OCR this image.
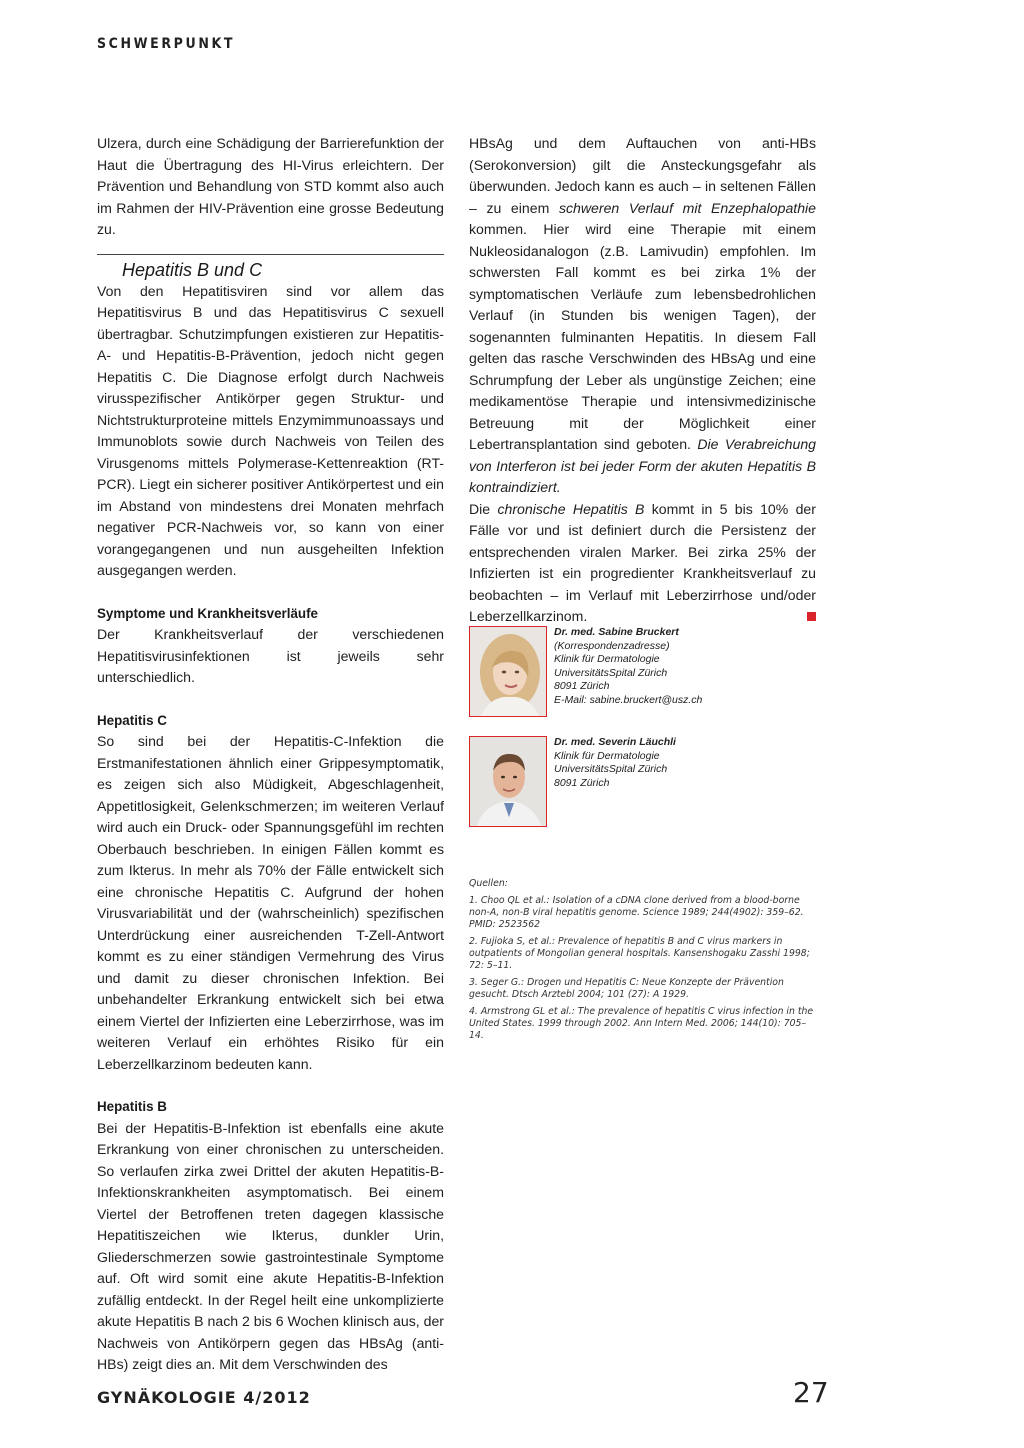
SCHWERPUNKT

Ulzera, durch eine Schädigung der Barrierefunktion der Haut die Übertragung des HI-Virus erleichtern. Der Prävention und Behandlung von STD kommt also auch im Rahmen der HIV-Prävention eine grosse Bedeutung zu.

Hepatitis B und C

Von den Hepatitisviren sind vor allem das Hepatitisvirus B und das Hepatitisvirus C sexuell übertragbar. Schutzimpfungen existieren zur Hepatitis-A- und Hepatitis-B-Prävention, jedoch nicht gegen Hepatitis C. Die Diagnose erfolgt durch Nachweis virusspezifischer Antikörper gegen Struktur- und Nichtstrukturproteine mittels Enzymimmunoassays und Immunoblots sowie durch Nachweis von Teilen des Virusgenoms mittels Polymerase-Kettenreaktion (RT-PCR). Liegt ein sicherer positiver Antikörpertest und ein im Abstand von mindestens drei Monaten mehrfach negativer PCR-Nachweis vor, so kann von einer vorangegangenen und nun ausgeheilten Infektion ausgegangen werden.

Symptome und Krankheitsverläufe

Der Krankheitsverlauf der verschiedenen Hepatitisvirusinfektionen ist jeweils sehr unterschiedlich.

Hepatitis C

So sind bei der Hepatitis-C-Infektion die Erstmanifestationen ähnlich einer Grippesymptomatik, es zeigen sich also Müdigkeit, Abgeschlagenheit, Appetitlosigkeit, Gelenkschmerzen; im weiteren Verlauf wird auch ein Druck- oder Spannungsgefühl im rechten Oberbauch beschrieben. In einigen Fällen kommt es zum Ikterus. In mehr als 70% der Fälle entwickelt sich eine chronische Hepatitis C. Aufgrund der hohen Virusvariabilität und der (wahrscheinlich) spezifischen Unterdrückung einer ausreichenden T-Zell-Antwort kommt es zu einer ständigen Vermehrung des Virus und damit zu dieser chronischen Infektion. Bei unbehandelter Erkrankung entwickelt sich bei etwa einem Viertel der Infizierten eine Leberzirrhose, was im weiteren Verlauf ein erhöhtes Risiko für ein Leberzellkarzinom bedeuten kann.

Hepatitis B

Bei der Hepatitis-B-Infektion ist ebenfalls eine akute Erkrankung von einer chronischen zu unterscheiden. So verlaufen zirka zwei Drittel der akuten Hepatitis-B-Infektionskrankheiten asymptomatisch. Bei einem Viertel der Betroffenen treten dagegen klassische Hepatitiszeichen wie Ikterus, dunkler Urin, Gliederschmerzen sowie gastrointestinale Symptome auf. Oft wird somit eine akute Hepatitis-B-Infektion zufällig entdeckt. In der Regel heilt eine unkomplizierte akute Hepatitis B nach 2 bis 6 Wochen klinisch aus, der Nachweis von Antikörpern gegen das HBsAg (anti-HBs) zeigt dies an. Mit dem Verschwinden des

HBsAg und dem Auftauchen von anti-HBs (Serokonversion) gilt die Ansteckungsgefahr als überwunden. Jedoch kann es auch – in seltenen Fällen – zu einem schweren Verlauf mit Enzephalopathie kommen. Hier wird eine Therapie mit einem Nukleosidanalogon (z.B. Lamivudin) empfohlen. Im schwersten Fall kommt es bei zirka 1% der symptomatischen Verläufe zum lebensbedrohlichen Verlauf (in Stunden bis wenigen Tagen), der sogenannten fulminanten Hepatitis. In diesem Fall gelten das rasche Verschwinden des HBsAg und eine Schrumpfung der Leber als ungünstige Zeichen; eine medikamentöse Therapie und intensivmedizinische Betreuung mit der Möglichkeit einer Lebertransplantation sind geboten. Die Verabreichung von Interferon ist bei jeder Form der akuten Hepatitis B kontraindiziert.

Die chronische Hepatitis B kommt in 5 bis 10% der Fälle vor und ist definiert durch die Persistenz der entsprechenden viralen Marker. Bei zirka 25% der Infizierten ist ein progredienter Krankheitsverlauf zu beobachten – im Verlauf mit Leberzirrhose und/oder Leberzellkarzinom.

Dr. med. Sabine Bruckert
(Korrespondenzadresse)
Klinik für Dermatologie
UniversitätsSpital Zürich
8091 Zürich
E-Mail: sabine.bruckert@usz.ch
Dr. med. Severin Läuchli
Klinik für Dermatologie
UniversitätsSpital Zürich
8091 Zürich
Quellen:
1. Choo QL et al.: Isolation of a cDNA clone derived from a blood-borne non-A, non-B viral hepatitis genome. Science 1989; 244(4902): 359–62. PMID: 2523562
2. Fujioka S, et al.: Prevalence of hepatitis B and C virus markers in outpatients of Mongolian general hospitals. Kansenshogaku Zasshi 1998; 72: 5–11.
3. Seger G.: Drogen und Hepatitis C: Neue Konzepte der Prävention gesucht. Dtsch Arztebl 2004; 101 (27): A 1929.
4. Armstrong GL et al.: The prevalence of hepatitis C virus infection in the United States. 1999 through 2002. Ann Intern Med. 2006; 144(10): 705–14.
GYNÄKOLOGIE 4/2012	27
